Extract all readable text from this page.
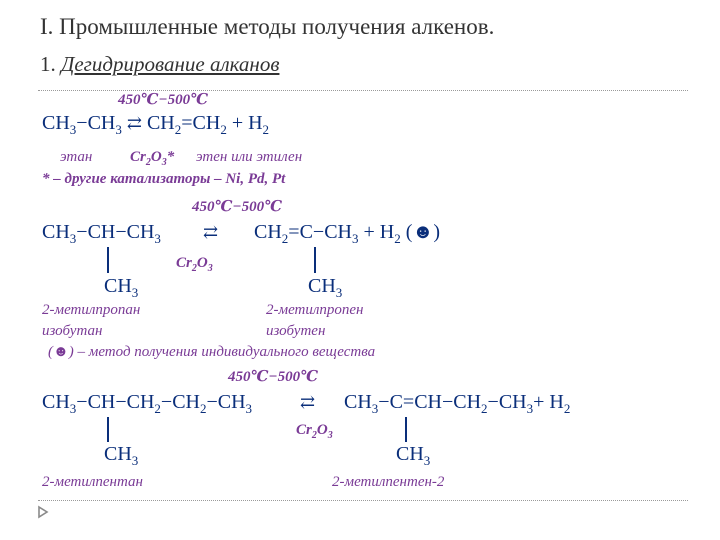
I. Промышленные методы получения алкенов.
1. Дегидрирование алканов
450℃−500℃
$CH_3-CH_3$ ⇄ $CH_2=CH_2 + H_2$
этан	$Cr_2O_3*$ этен или этилен
* – другие катализаторы – Ni, Pd, Pt
450℃−500℃
$CH_3-CH-CH_3$ ⇄ $CH_2=C-CH_3 + H_2$ (☻)
$Cr_2O_3$
$CH_3$	$CH_3$
2-метилпропан
изобутан
2-метилпропен
изобутен
(☻) – метод получения индивидуального вещества
450℃−500℃
$CH_3-CH-CH_2-CH_2-CH_3$	⇄ $CH_3-C=CH-CH_2-CH_3+ H_2$
$Cr_2O_3$
$CH_3$	$CH_3$
2-метилпентан	2-метилпентен-2
